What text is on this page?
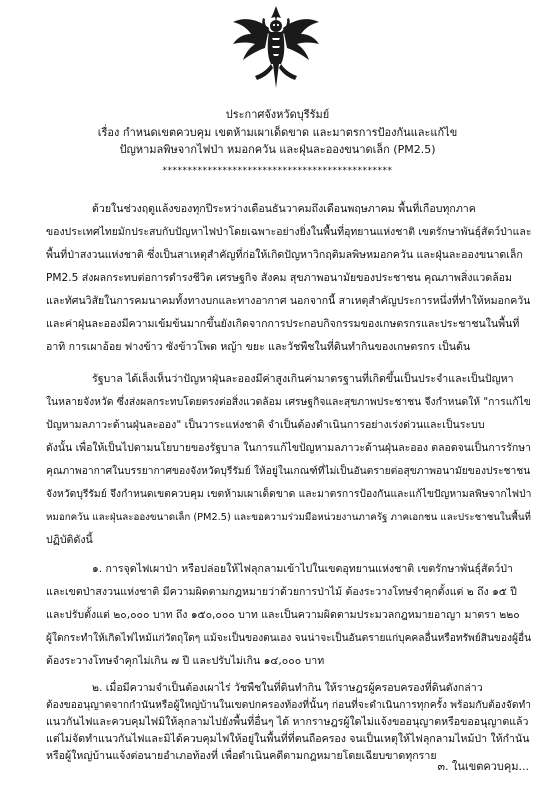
ประกาศจังหวัดบุรีรัมย์
เรื่อง กำหนดเขตควบคุม เขตห้ามเผาเด็ดขาด และมาตรการป้องกันและแก้ไข
ปัญหามลพิษจากไฟป่า หมอกควัน และฝุ่นละอองขนาดเล็ก (PM2.5)
**********************************************
ด้วยในช่วงฤดูแล้งของทุกปีระหว่างเดือนธันวาคมถึงเดือนพฤษภาคม พื้นที่เกือบทุกภาค
ของประเทศไทยมักประสบกับปัญหาไฟป่าโดยเฉพาะอย่างยิ่งในพื้นที่อุทยานแห่งชาติ เขตรักษาพันธุ์สัตว์ป่าและ
พื้นที่ป่าสงวนแห่งชาติ ซึ่งเป็นสาเหตุสำคัญที่ก่อให้เกิดปัญหาวิกฤติมลพิษหมอกควัน และฝุ่นละอองขนาดเล็ก
PM2.5 ส่งผลกระทบต่อการดำรงชีวิต เศรษฐกิจ สังคม สุขภาพอนามัยของประชาชน คุณภาพสิ่งแวดล้อม
และทัศนวิสัยในการคมนาคมทั้งทางบกและทางอากาศ นอกจากนี้ สาเหตุสำคัญประการหนึ่งที่ทำให้หมอกควัน
และค่าฝุ่นละอองมีความเข้มข้นมากขึ้นยังเกิดจากการประกอบกิจกรรมของเกษตรกรและประชาชนในพื้นที่
อาทิ การเผาอ้อย ฟางข้าว ซังข้าวโพด หญ้า ขยะ และวัชพืชในที่ดินทำกินของเกษตรกร เป็นต้น
รัฐบาล ได้เล็งเห็นว่าปัญหาฝุ่นละอองมีค่าสูงเกินค่ามาตรฐานที่เกิดขึ้นเป็นประจำและเป็นปัญหา
ในหลายจังหวัด ซึ่งส่งผลกระทบโดยตรงต่อสิ่งแวดล้อม เศรษฐกิจและสุขภาพประชาชน จึงกำหนดให้ "การแก้ไข
ปัญหามลภาวะด้านฝุ่นละออง" เป็นวาระแห่งชาติ จำเป็นต้องดำเนินการอย่างเร่งด่วนและเป็นระบบ
ดังนั้น เพื่อให้เป็นไปตามนโยบายของรัฐบาล ในการแก้ไขปัญหามลภาวะด้านฝุ่นละออง ตลอดจนเป็นการรักษา
คุณภาพอากาศในบรรยากาศของจังหวัดบุรีรัมย์ ให้อยู่ในเกณฑ์ที่ไม่เป็นอันตรายต่อสุขภาพอนามัยของประชาชน
จังหวัดบุรีรัมย์ จึงกำหนดเขตควบคุม เขตห้ามเผาเด็ดขาด และมาตรการป้องกันและแก้ไขปัญหามลพิษจากไฟป่า
หมอกควัน และฝุ่นละอองขนาดเล็ก (PM2.5) และขอความร่วมมือหน่วยงานภาครัฐ ภาคเอกชน และประชาชนในพื้นที่
ปฏิบัติดังนี้
๑. การจุดไฟเผาป่า หรือปล่อยให้ไฟลุกลามเข้าไปในเขตอุทยานแห่งชาติ เขตรักษาพันธุ์สัตว์ป่า
และเขตป่าสงวนแห่งชาติ มีความผิดตามกฎหมายว่าด้วยการป่าไม้ ต้องระวางโทษจำคุกตั้งแต่ ๒ ถึง ๑๕ ปี
และปรับตั้งแต่ ๒๐,๐๐๐ บาท ถึง ๑๕๐,๐๐๐ บาท และเป็นความผิดตามประมวลกฎหมายอาญา มาตรา ๒๒๐
ผู้ใดกระทำให้เกิดไฟไหม้แก่วัตถุใดๆ แม้จะเป็นของตนเอง จนน่าจะเป็นอันตรายแก่บุคคลอื่นหรือทรัพย์สินของผู้อื่น
ต้องระวางโทษจำคุกไม่เกิน ๗ ปี และปรับไม่เกิน ๑๔,๐๐๐ บาท
๒. เมื่อมีความจำเป็นต้องเผาไร่ วัชพืชในที่ดินทำกิน ให้ราษฎรผู้ครอบครองที่ดินดังกล่าว
ต้องขออนุญาตจากกำนันหรือผู้ใหญ่บ้านในเขตปกครองท้องที่นั้นๆ ก่อนที่จะดำเนินการทุกครั้ง พร้อมกับต้องจัดทำ
แนวกันไฟและควบคุมไฟมิให้ลุกลามไปยังพื้นที่อื่นๆ ได้ หากราษฎรผู้ใดไม่แจ้งขออนุญาตหรือขออนุญาตแล้ว
แต่ไม่จัดทำแนวกันไฟและมิได้ควบคุมไฟให้อยู่ในพื้นที่ที่ตนถือครอง จนเป็นเหตุให้ไฟลุกลามไหม้ป่า ให้กำนัน
หรือผู้ใหญ่บ้านแจ้งต่อนายอำเภอท้องที่ เพื่อดำเนินคดีตามกฎหมายโดยเฉียบขาดทุกราย
๓. ในเขตควบคุม...
